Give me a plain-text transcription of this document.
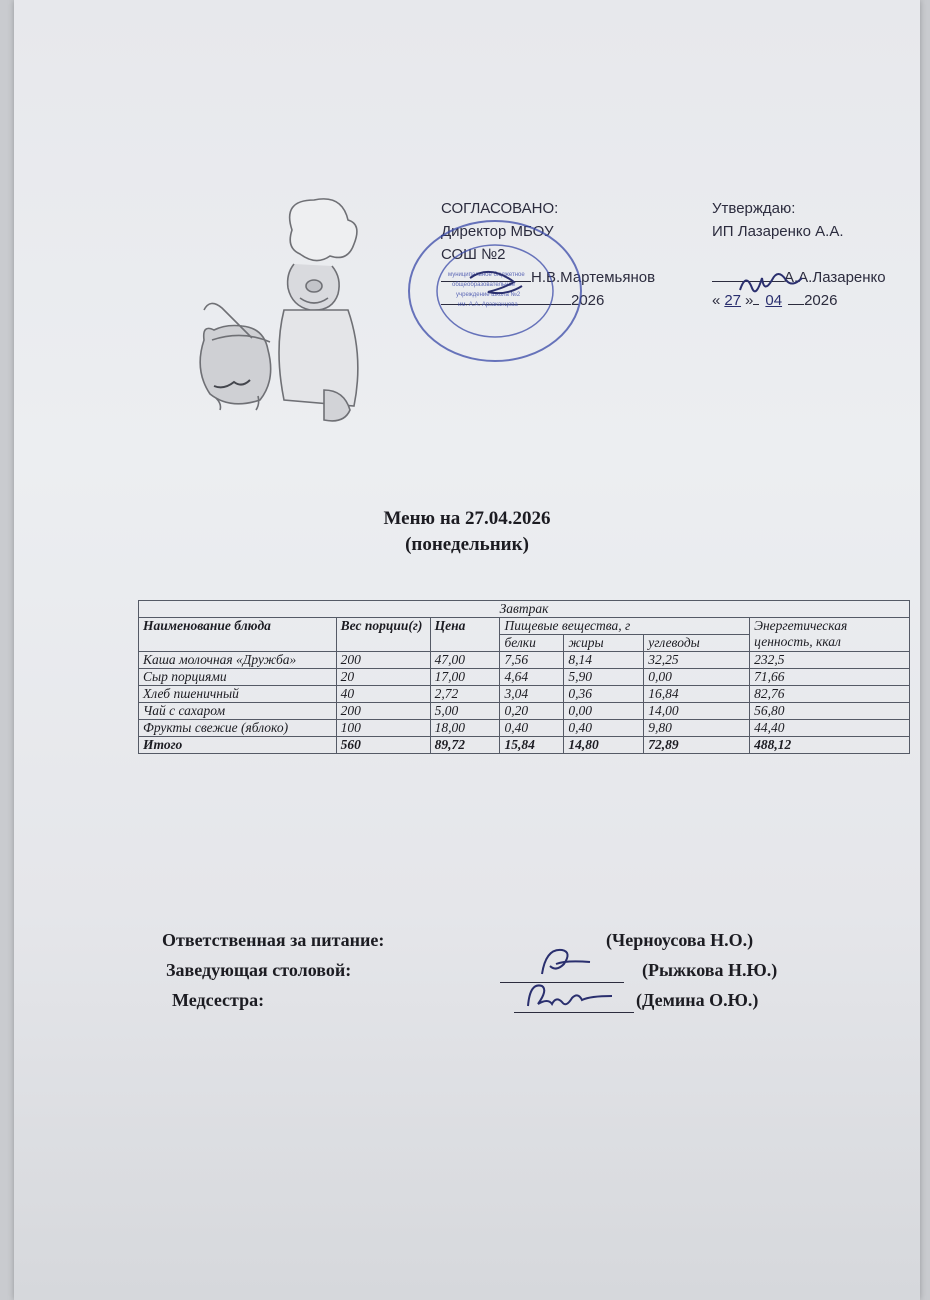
СОГЛАСОВАНО:
Директор МБОУ
СОШ №2
Н.В.Мартемьянов
2026
Утверждаю:
ИП Лазаренко А.А.
А.А.Лазаренко
« 27 » 04 2026
муниципальное бюджетное
общеобразовательное
учреждение школа №2
им. А.А. Арзаканцева
Меню на 27.04.2026
(понедельник)
Завтрак						
Наименование блюда	Вес порции(г)	Цена	Пищевые вещества, г			Энергетическая ценность, ккал
			белки	жиры	углеводы	
Каша молочная «Дружба»	200	47,00	7,56	8,14	32,25	232,5
Сыр порциями	20	17,00	4,64	5,90	0,00	71,66
Хлеб пшеничный	40	2,72	3,04	0,36	16,84	82,76
Чай с сахаром	200	5,00	0,20	0,00	14,00	56,80
Фрукты свежие (яблоко)	100	18,00	0,40	0,40	9,80	44,40
Итого	560	89,72	15,84	14,80	72,89	488,12
Ответственная за питание:	(Черноусова Н.О.)
Заведующая столовой:	(Рыжкова Н.Ю.)
Медсестра:	(Демина О.Ю.)
